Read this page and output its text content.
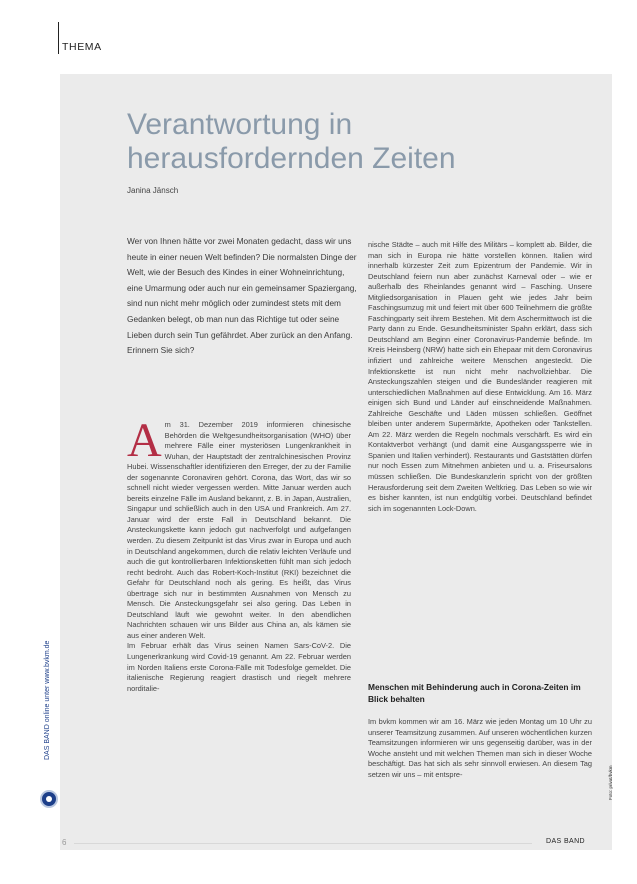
THEMA
Verantwortung in
herausfordernden Zeiten
Janina Jänsch

Wer von Ihnen hätte vor zwei Monaten gedacht, dass wir uns heute in einer neuen Welt befinden? Die normalsten Dinge der Welt, wie der Besuch des Kindes in einer Wohneinrichtung, eine Umarmung oder auch nur ein gemeinsamer Spaziergang, sind nun nicht mehr möglich oder zumindest stets mit dem Gedanken belegt, ob man nun das Richtige tut oder seine Lieben durch sein Tun gefährdet. Aber zurück an den Anfang. Erinnern Sie sich?

Am 31. Dezember 2019 informieren chinesische Behörden die Weltgesundheitsorganisation (WHO) über mehrere Fälle einer mysteriösen Lungenkrankheit in Wuhan, der Hauptstadt der zentralchinesischen Provinz Hubei. Wissenschaftler identifizieren den Erreger, der zu der Familie der sogenannte Coronaviren gehört. Corona, das Wort, das wir so schnell nicht wieder vergessen werden. Mitte Januar werden auch bereits einzelne Fälle im Ausland bekannt, z. B. in Japan, Australien, Singapur und schließlich auch in den USA und Frankreich. Am 27. Januar wird der erste Fall in Deutschland bekannt. Die Ansteckungskette kann jedoch gut nachverfolgt und aufgefangen werden. Zu diesem Zeitpunkt ist das Virus zwar in Europa und auch in Deutschland angekommen, durch die relativ leichten Verläufe und auch die gut kontrollierbaren Infektionsketten fühlt man sich jedoch recht bedroht. Auch das Robert-Koch-Institut (RKI) bezeichnet die Gefahr für Deutschland noch als gering. Es heißt, das Virus übertrage sich nur in bestimmten Ausnahmen von Mensch zu Mensch. Die Ansteckungsgefahr sei also gering. Das Leben in Deutschland läuft wie gewohnt weiter. In den abendlichen Nachrichten schauen wir uns Bilder aus China an, als kämen sie aus einer anderen Welt.

Im Februar erhält das Virus seinen Namen Sars-CoV-2. Die Lungenerkrankung wird Covid-19 genannt. Am 22. Februar werden im Norden Italiens erste Corona-Fälle mit Todesfolge gemeldet. Die italienische Regierung reagiert drastisch und riegelt mehrere norditalie-

nische Städte – auch mit Hilfe des Militärs – komplett ab. Bilder, die man sich in Europa nie hätte vorstellen können. Italien wird innerhalb kürzester Zeit zum Epizentrum der Pandemie. Wir in Deutschland feiern nun aber zunächst Karneval oder – wie er außerhalb des Rheinlandes genannt wird – Fasching. Unsere Mitgliedsorganisation in Plauen geht wie jedes Jahr beim Faschingsumzug mit und feiert mit über 600 Teilnehmern die größte Faschingparty seit ihrem Bestehen. Mit dem Aschermittwoch ist die Party dann zu Ende. Gesundheitsminister Spahn erklärt, dass sich Deutschland am Beginn einer Coronavirus-Pandemie befinde. Im Kreis Heinsberg (NRW) hatte sich ein Ehepaar mit dem Coronavirus infiziert und zahlreiche weitere Menschen angesteckt. Die Infektionskette ist nun nicht mehr nachvollziehbar. Die Ansteckungszahlen steigen und die Bundesländer reagieren mit unterschiedlichen Maßnahmen auf diese Entwicklung. Am 16. März einigen sich Bund und Länder auf einschneidende Maßnahmen. Zahlreiche Geschäfte und Läden müssen schließen. Geöffnet bleiben unter anderem Supermärkte, Apotheken oder Tankstellen. Am 22. März werden die Regeln nochmals verschärft. Es wird ein Kontaktverbot verhängt (und damit eine Ausgangssperre wie in Spanien und Italien verhindert). Restaurants und Gaststätten dürfen nur noch Essen zum Mitnehmen anbieten und u. a. Friseursalons müssen schließen. Die Bundeskanzlerin spricht von der größten Herausforderung seit dem Zweiten Weltkrieg. Das Leben so wie wir es bisher kannten, ist nun endgültig vorbei. Deutschland befindet sich im sogenannten Lock-Down.

Menschen mit Behinderung auch in Corona-Zeiten im Blick behalten

Im bvkm kommen wir am 16. März wie jeden Montag um 10 Uhr zu unserer Teamsitzung zusammen. Auf unseren wöchentlichen kurzen Teamsitzungen informieren wir uns gegenseitig darüber, was in der Woche ansteht und mit welchen Themen man sich in dieser Woche beschäftigt. Das hat sich als sehr sinnvoll erwiesen. An diesem Tag setzen wir uns – mit entspre-

DAS BAND online unter www.bvkm.de
Foto: privat/bvkm
6	DAS BAND
